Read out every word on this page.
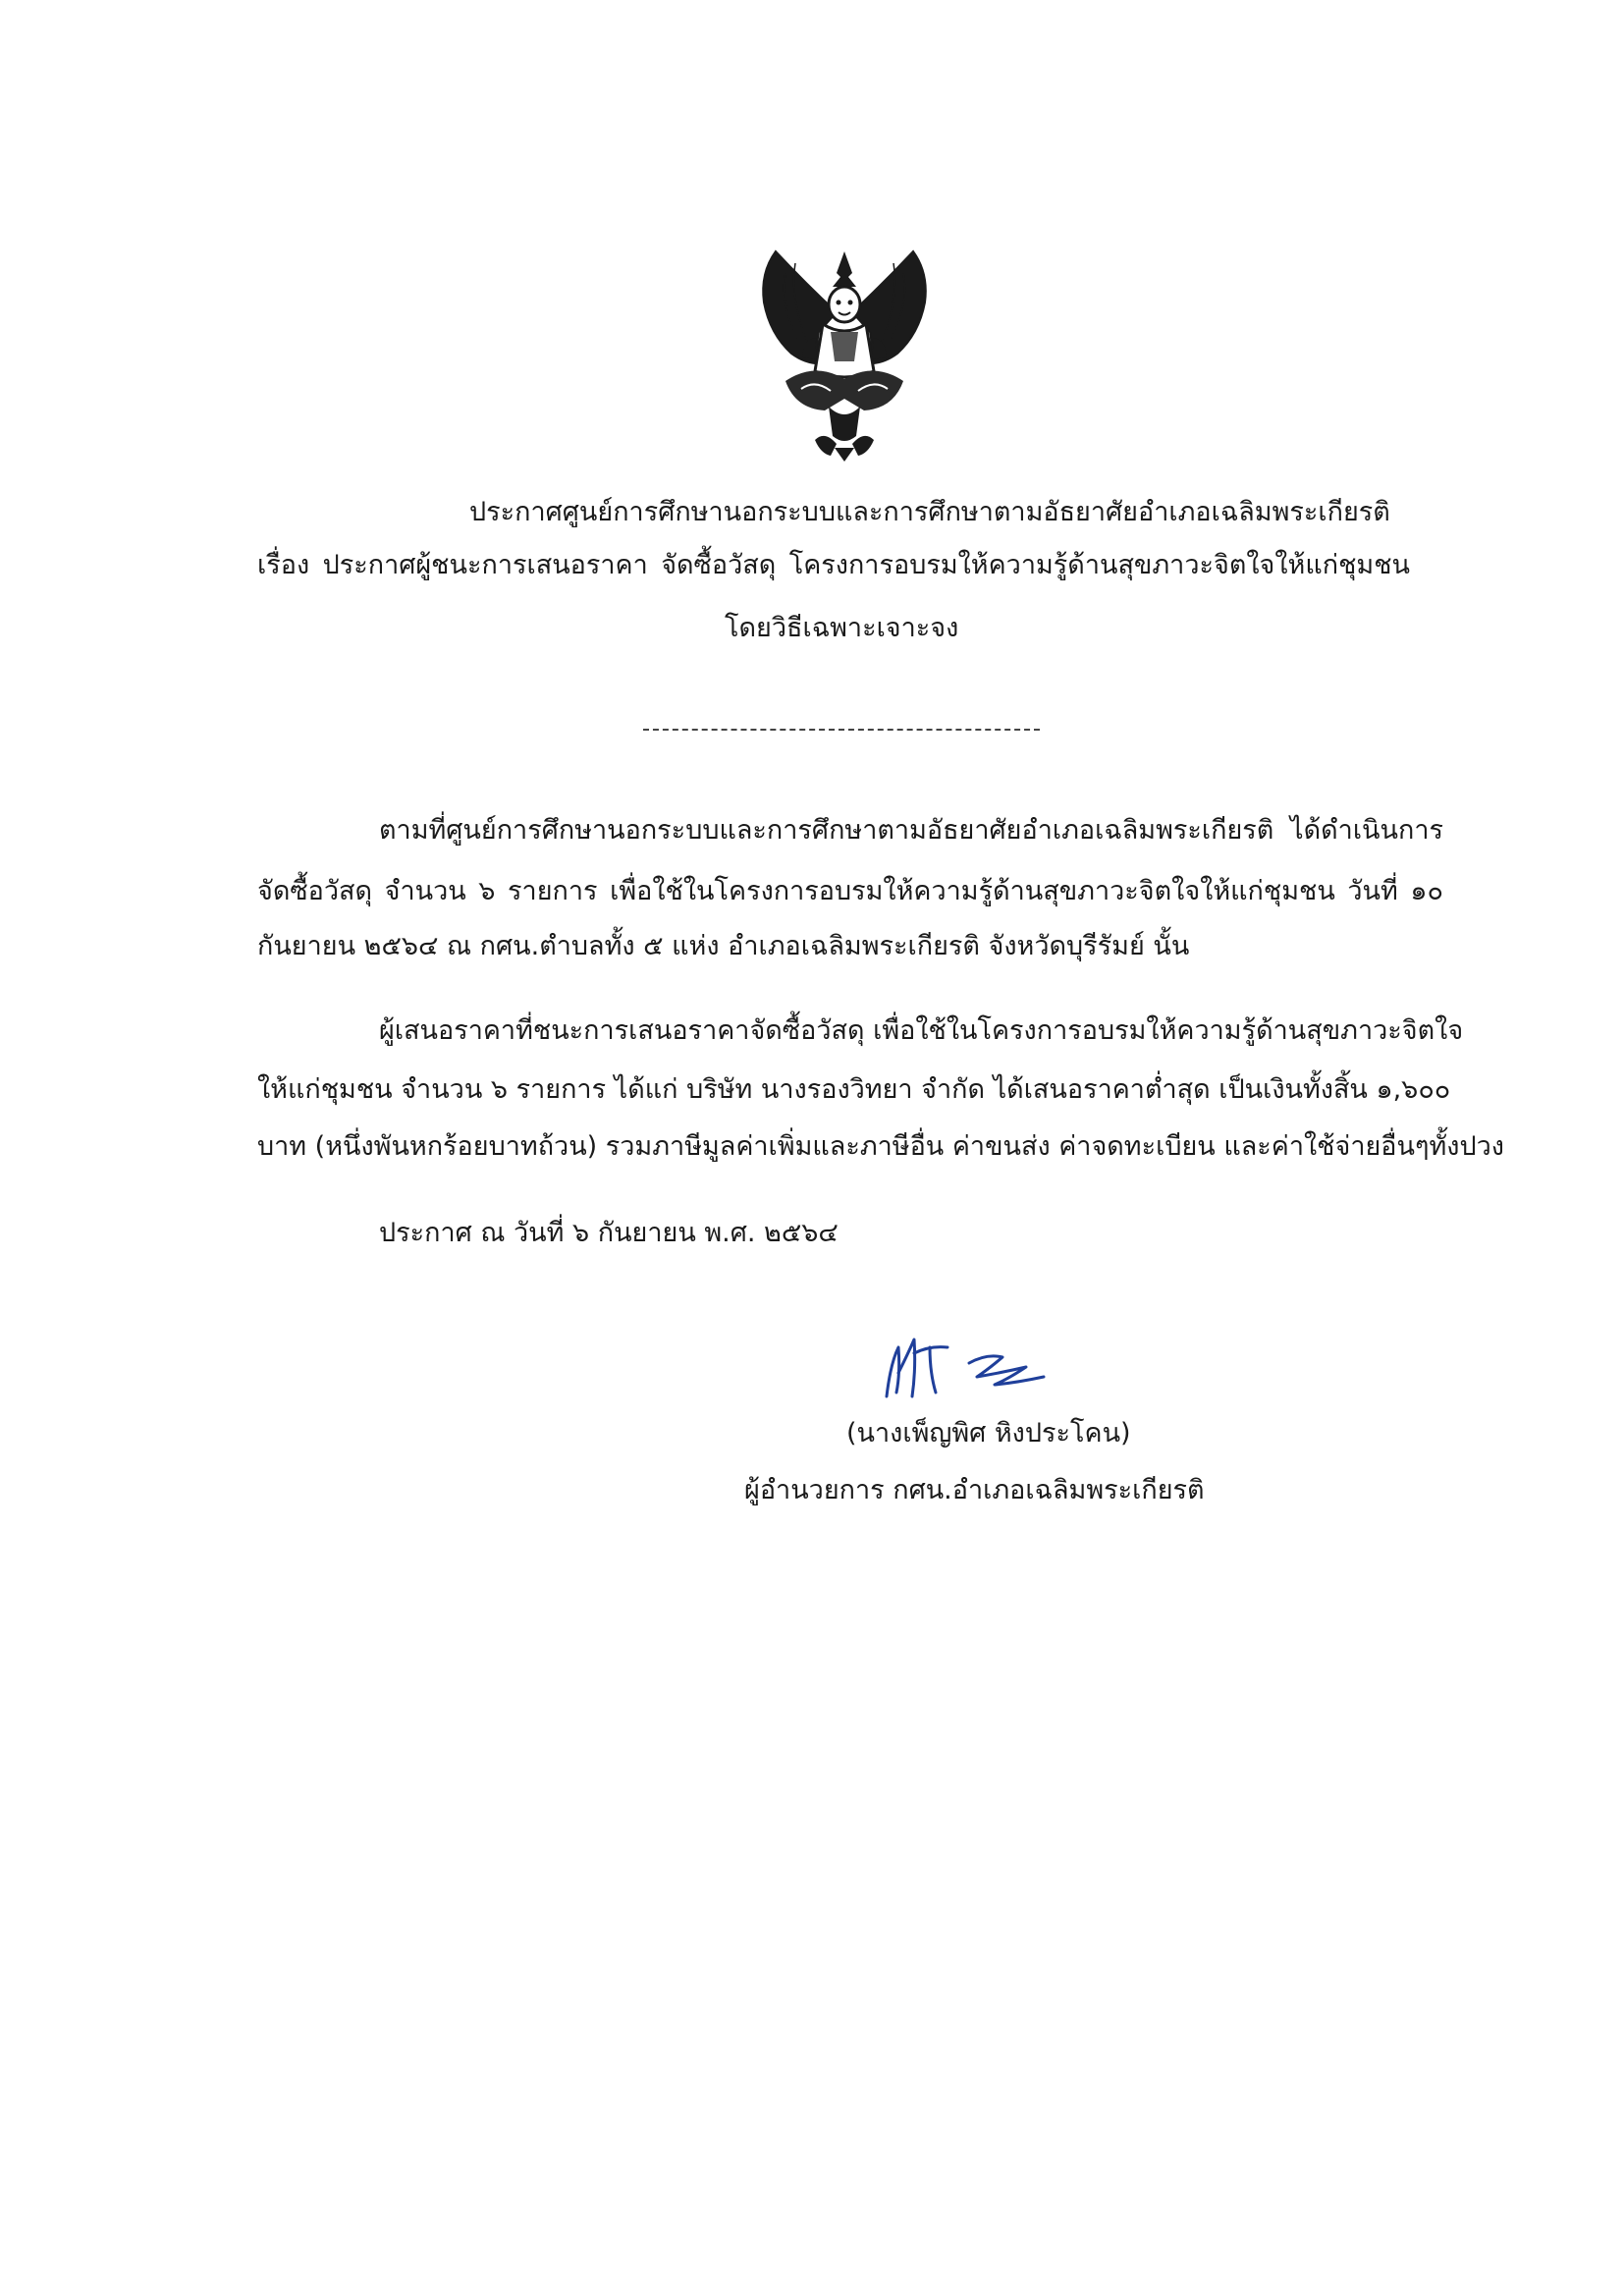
ประกาศศูนย์การศึกษานอกระบบและการศึกษาตามอัธยาศัยอำเภอเฉลิมพระเกียรติ

เรื่อง ประกาศผู้ชนะการเสนอราคา จัดซื้อวัสดุ โครงการอบรมให้ความรู้ด้านสุขภาวะจิตใจให้แก่ชุมชน

โดยวิธีเฉพาะเจาะจง

ตามที่ศูนย์การศึกษานอกระบบและการศึกษาตามอัธยาศัยอำเภอเฉลิมพระเกียรติ ได้ดำเนินการ

จัดซื้อวัสดุ จำนวน ๖ รายการ เพื่อใช้ในโครงการอบรมให้ความรู้ด้านสุขภาวะจิตใจให้แก่ชุมชน วันที่ ๑๐

กันยายน ๒๕๖๔ ณ กศน.ตำบลทั้ง ๕ แห่ง อำเภอเฉลิมพระเกียรติ จังหวัดบุรีรัมย์ นั้น

ผู้เสนอราคาที่ชนะการเสนอราคาจัดซื้อวัสดุ เพื่อใช้ในโครงการอบรมให้ความรู้ด้านสุขภาวะจิตใจ

ให้แก่ชุมชน จำนวน ๖ รายการ ได้แก่ บริษัท นางรองวิทยา จำกัด ได้เสนอราคาต่ำสุด เป็นเงินทั้งสิ้น ๑,๖๐๐

บาท (หนึ่งพันหกร้อยบาทถ้วน) รวมภาษีมูลค่าเพิ่มและภาษีอื่น ค่าขนส่ง ค่าจดทะเบียน และค่าใช้จ่ายอื่นๆทั้งปวง

ประกาศ ณ วันที่ ๖ กันยายน พ.ศ. ๒๕๖๔

(นางเพ็ญพิศ หิงประโคน)

ผู้อำนวยการ กศน.อำเภอเฉลิมพระเกียรติ
